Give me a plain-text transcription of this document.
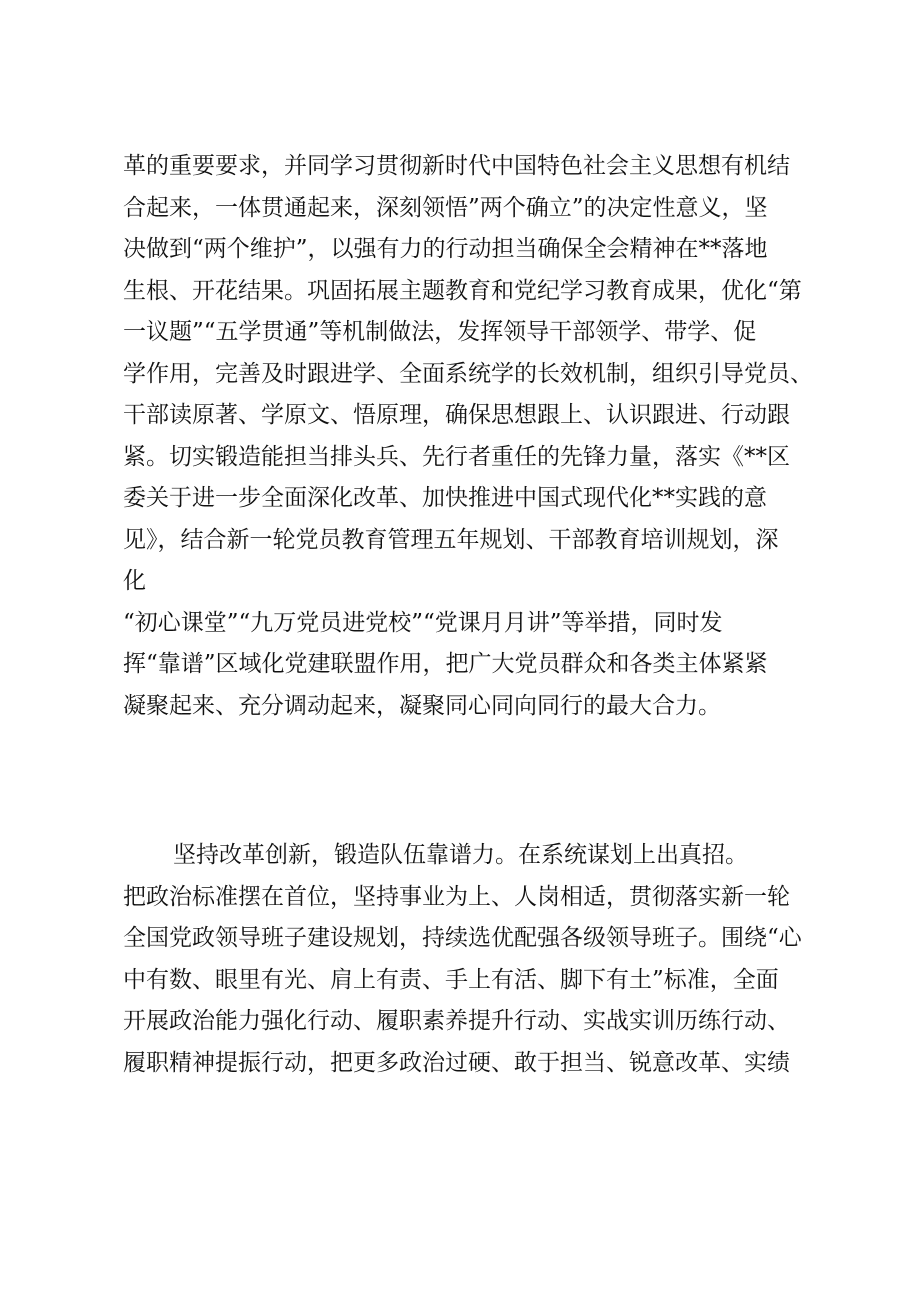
革的重要要求，并同学习贯彻新时代中国特色社会主义思想有机结
合起来，一体贯通起来，深刻领悟”两个确立”的决定性意义，坚
决做到“两个维护”，以强有力的行动担当确保全会精神在**落地
生根、开花结果。巩固拓展主题教育和党纪学习教育成果，优化“第
一议题”“五学贯通”等机制做法，发挥领导干部领学、带学、促
学作用，完善及时跟进学、全面系统学的长效机制，组织引导党员、
干部读原著、学原文、悟原理，确保思想跟上、认识跟进、行动跟
紧。切实锻造能担当排头兵、先行者重任的先锋力量，落实《**区
委关于进一步全面深化改革、加快推进中国式现代化**实践的意
见》，结合新一轮党员教育管理五年规划、干部教育培训规划，深
化
“初心课堂”“九万党员进党校”“党课月月讲”等举措，同时发
挥“靠谱”区域化党建联盟作用，把广大党员群众和各类主体紧紧
凝聚起来、充分调动起来，凝聚同心同向同行的最大合力。
坚持改革创新，锻造队伍靠谱力。在系统谋划上出真招。
把政治标准摆在首位，坚持事业为上、人岗相适，贯彻落实新一轮
全国党政领导班子建设规划，持续选优配强各级领导班子。围绕“心
中有数、眼里有光、肩上有责、手上有活、脚下有土”标准，全面
开展政治能力强化行动、履职素养提升行动、实战实训历练行动、
履职精神提振行动，把更多政治过硬、敢于担当、锐意改革、实绩
